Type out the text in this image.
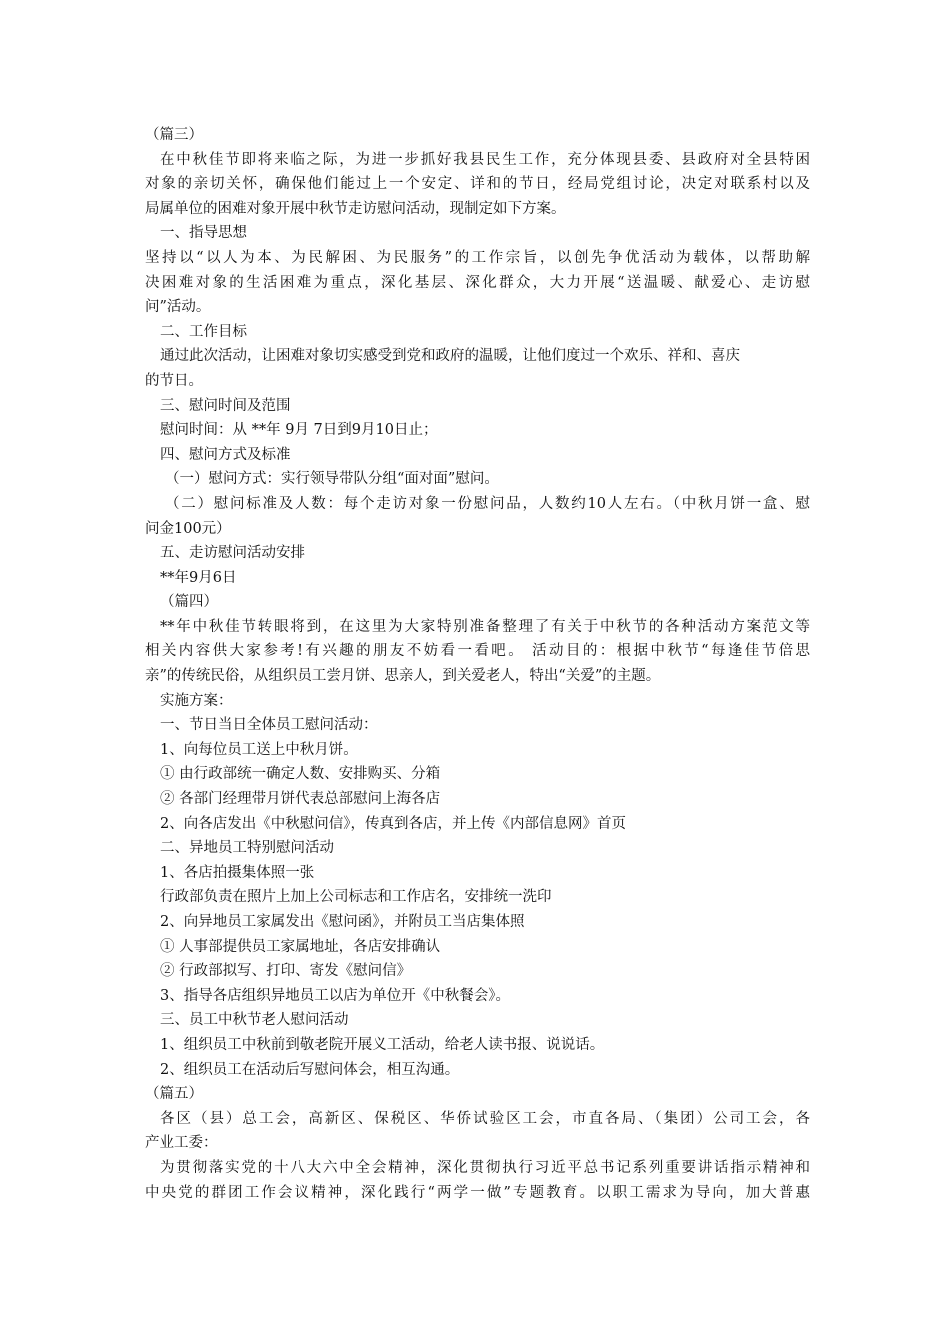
（篇三）
在中秋佳节即将来临之际，为进一步抓好我县民生工作，充分体现县委、县政府对全县特困
对象的亲切关怀，确保他们能过上一个安定、详和的节日，经局党组讨论，决定对联系村以及
局属单位的困难对象开展中秋节走访慰问活动，现制定如下方案。
一、指导思想
坚持以“以人为本、为民解困、为民服务”的工作宗旨，以创先争优活动为载体，以帮助解
决困难对象的生活困难为重点，深化基层、深化群众，大力开展“送温暖、献爱心、走访慰
问”活动。
二、工作目标
通过此次活动，让困难对象切实感受到党和政府的温暖，让他们度过一个欢乐、祥和、喜庆
的节日。
三、慰问时间及范围
慰问时间：从 **年 9月 7日到9月10日止；
四、慰问方式及标准
（一）慰问方式：实行领导带队分组“面对面”慰问。
（二）慰问标准及人数：每个走访对象一份慰问品，人数约10人左右。（中秋月饼一盒、慰
问金100元）
五、走访慰问活动安排
**年9月6日
（篇四）
**年中秋佳节转眼将到，在这里为大家特别准备整理了有关于中秋节的各种活动方案范文等
相关内容供大家参考!有兴趣的朋友不妨看一看吧。 活动目的：根据中秋节“每逢佳节倍思
亲”的传统民俗，从组织员工尝月饼、思亲人，到关爱老人，特出“关爱”的主题。
实施方案：
一、节日当日全体员工慰问活动：
1、向每位员工送上中秋月饼。
① 由行政部统一确定人数、安排购买、分箱
② 各部门经理带月饼代表总部慰问上海各店
2、向各店发出《中秋慰问信》，传真到各店，并上传《内部信息网》首页
二、异地员工特别慰问活动
1、各店拍摄集体照一张
行政部负责在照片上加上公司标志和工作店名，安排统一洗印
2、向异地员工家属发出《慰问函》，并附员工当店集体照
① 人事部提供员工家属地址，各店安排确认
② 行政部拟写、打印、寄发《慰问信》
3、指导各店组织异地员工以店为单位开《中秋餐会》。
三、员工中秋节老人慰问活动
1、组织员工中秋前到敬老院开展义工活动，给老人读书报、说说话。
2、组织员工在活动后写慰问体会，相互沟通。
（篇五）
各区（县）总工会，高新区、保税区、华侨试验区工会，市直各局、（集团）公司工会，各
产业工委：
为贯彻落实党的十八大六中全会精神，深化贯彻执行习近平总书记系列重要讲话指示精神和
中央党的群团工作会议精神，深化践行“两学一做”专题教育。以职工需求为导向，加大普惠
